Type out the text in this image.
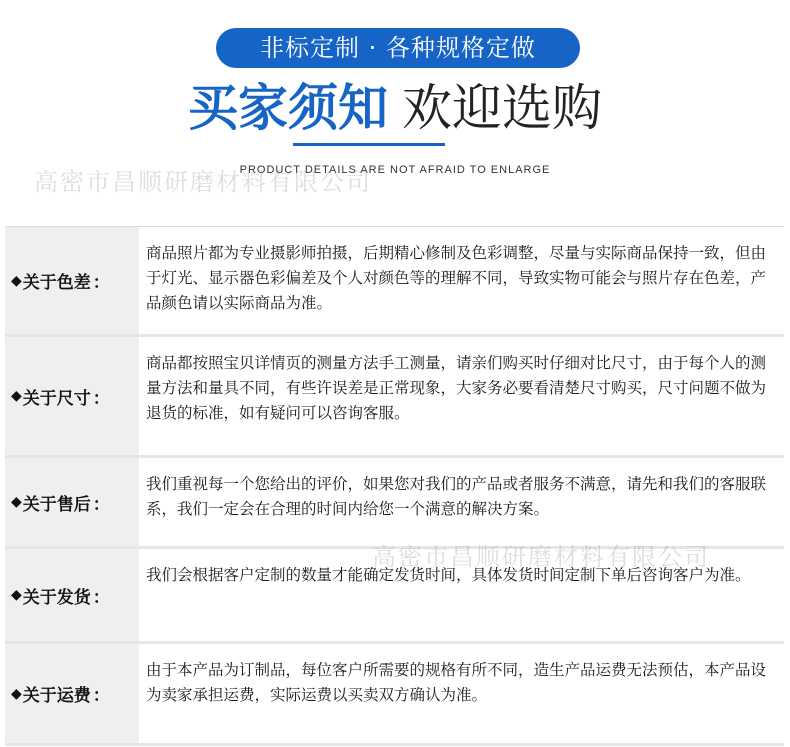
非标定制 · 各种规格定做
买家须知 欢迎选购
PRODUCT DETAILS ARE NOT AFRAID TO ENLARGE
高密市昌顺研磨材料有限公司
高密市昌顺研磨材料有限公司
◆ 关于色差 ：
商品照片都为专业摄影师拍摄，后期精心修制及色彩调整，尽量与实际商品保持一致，但由于灯光、显示器色彩偏差及个人对颜色等的理解不同，导致实物可能会与照片存在色差，产品颜色请以实际商品为准。
◆ 关于尺寸 ：
商品都按照宝贝详情页的测量方法手工测量，请亲们购买时仔细对比尺寸，由于每个人的测量方法和量具不同，有些许误差是正常现象，大家务必要看清楚尺寸购买，尺寸问题不做为退货的标准，如有疑问可以咨询客服。
◆ 关于售后 ：
我们重视每一个您给出的评价，如果您对我们的产品或者服务不满意，请先和我们的客服联系，我们一定会在合理的时间内给您一个满意的解决方案。
◆ 关于发货 ：
我们会根据客户定制的数量才能确定发货时间，具体发货时间定制下单后咨询客户为准。
◆ 关于运费 ：
由于本产品为订制品，每位客户所需要的规格有所不同，造生产品运费无法预估，本产品设为卖家承担运费，实际运费以买卖双方确认为准。
